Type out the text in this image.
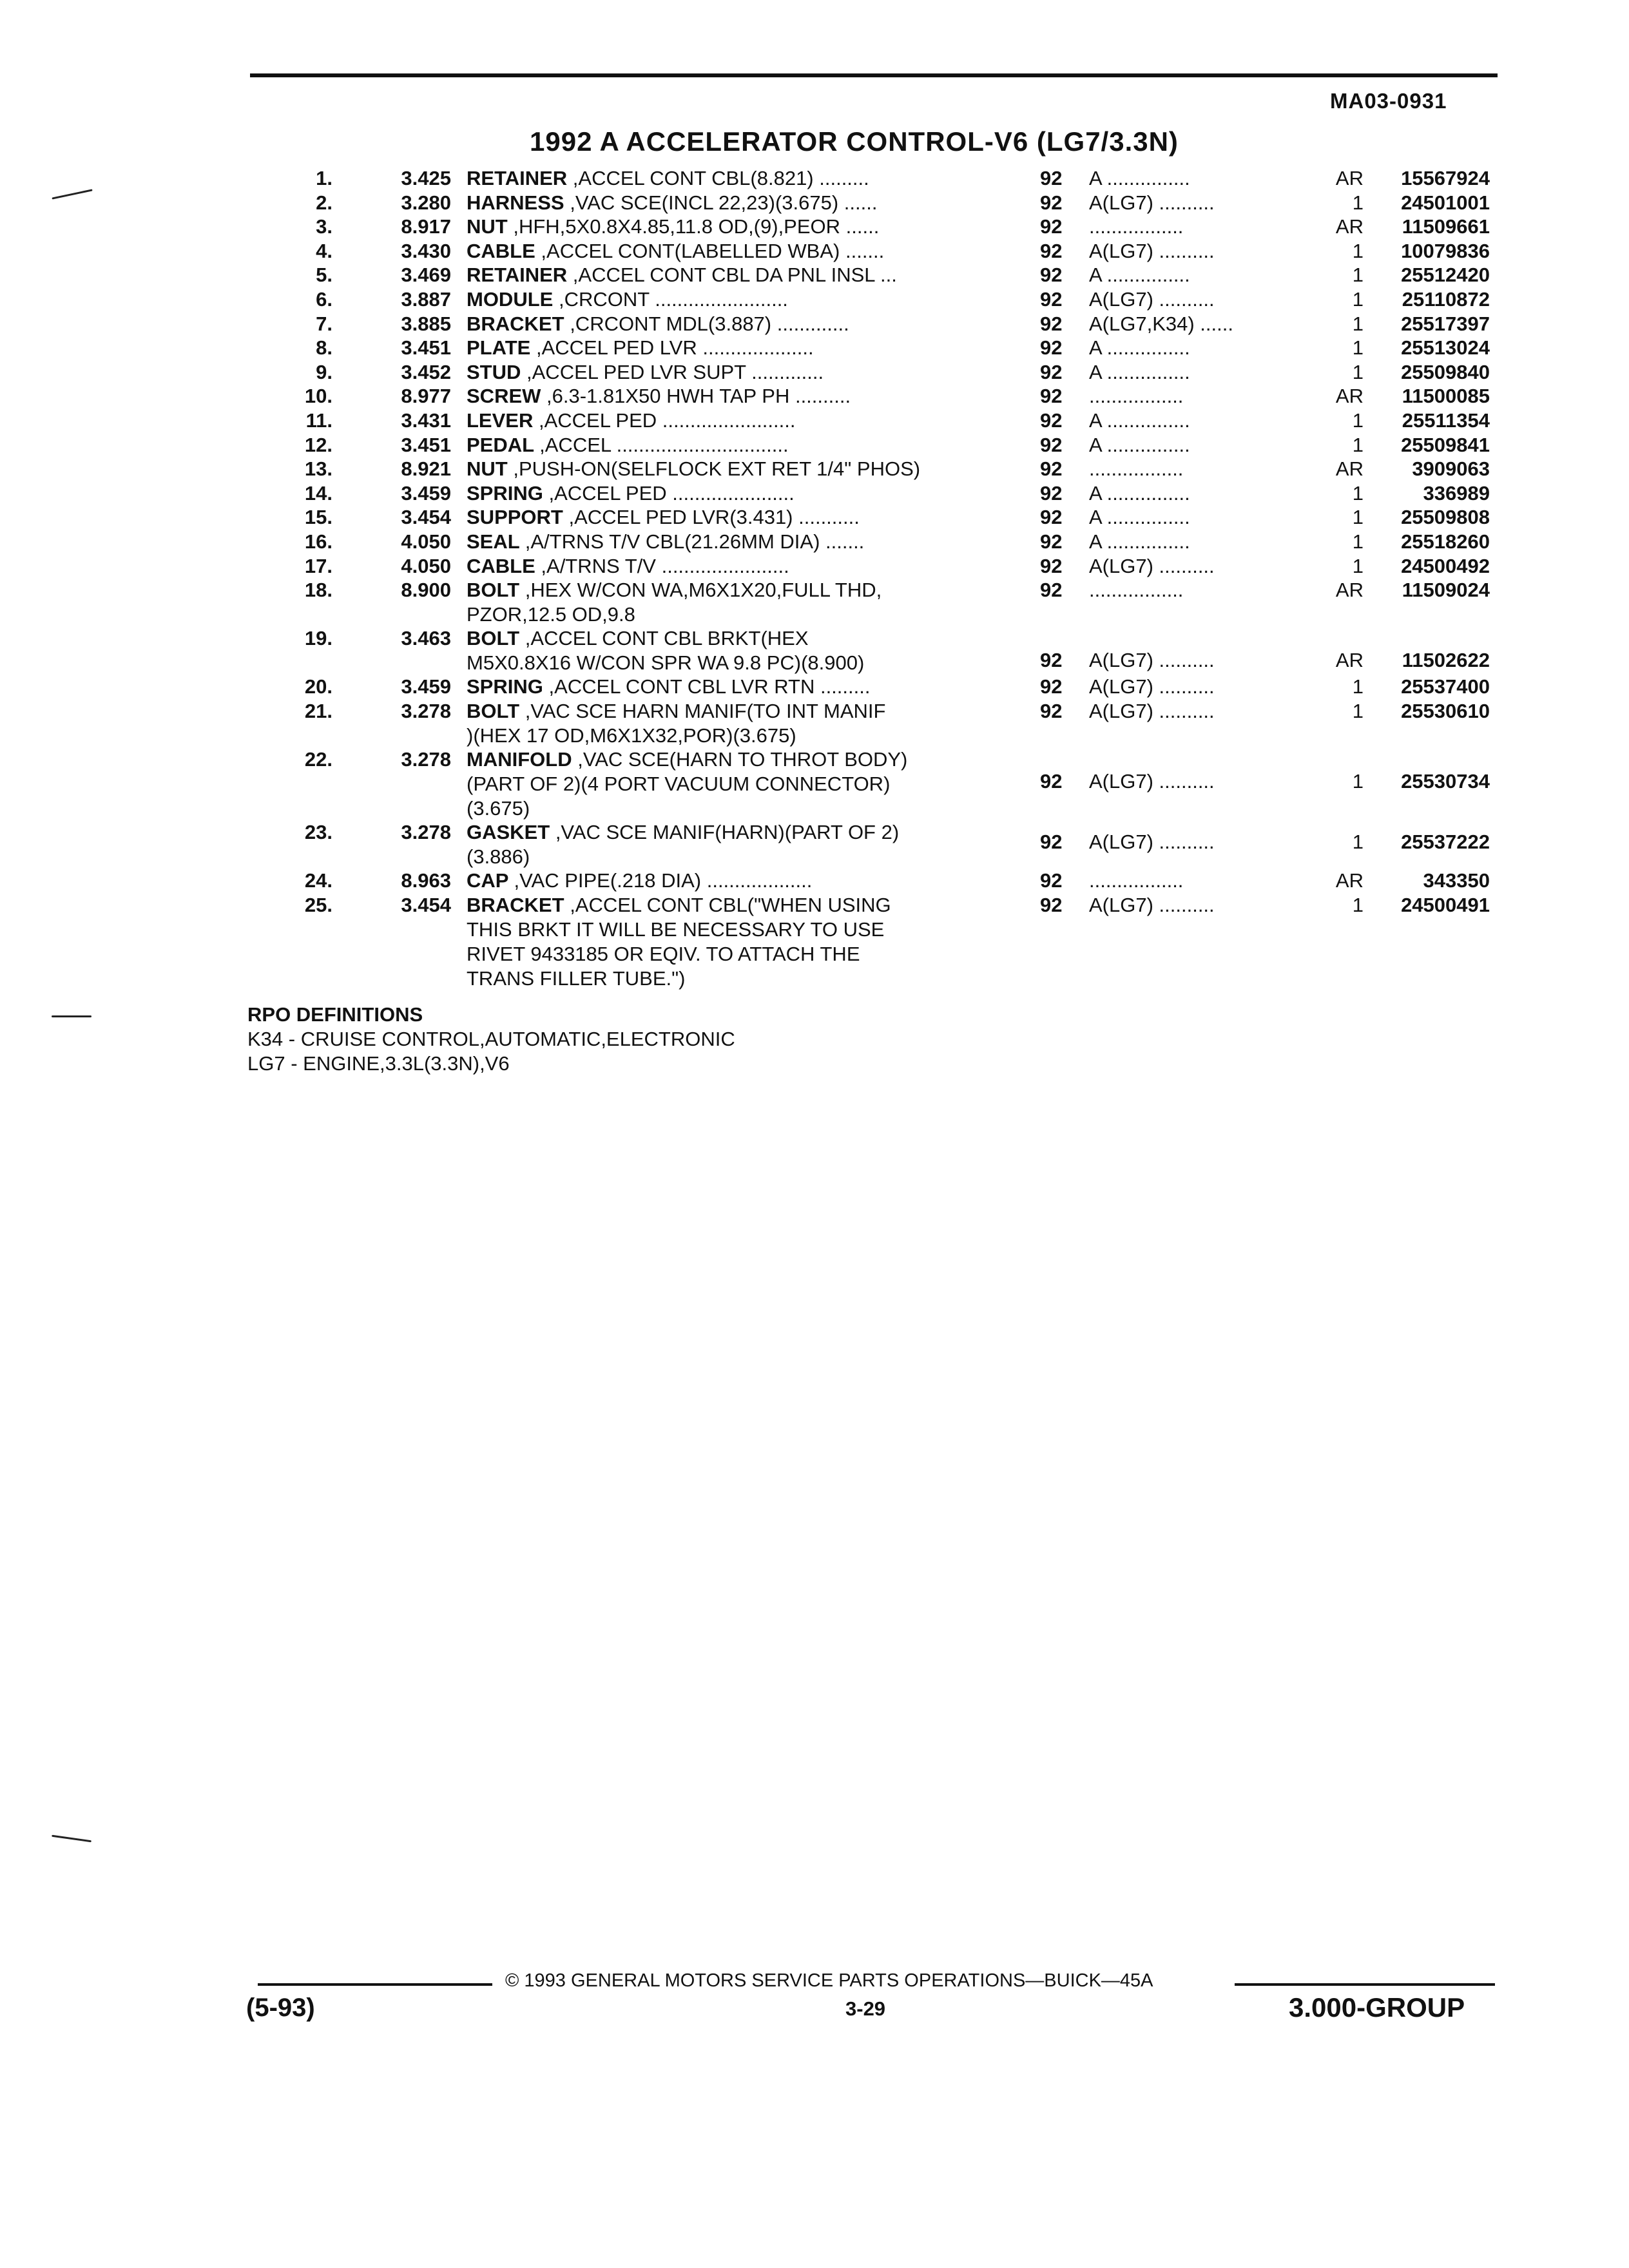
MA03-0931
1992 A ACCELERATOR CONTROL-V6 (LG7/3.3N)
1.	3.425 RETAINER ,ACCEL CONT CBL(8.821) .........	92	A ...............	AR	15567924
2.	3.280 HARNESS ,VAC SCE(INCL 22,23)(3.675) ......	92	A(LG7) ..........	1	24501001
3.	8.917 NUT ,HFH,5X0.8X4.85,11.8 OD,(9),PEOR ......	92	.................	AR	11509661
4.	3.430 CABLE ,ACCEL CONT(LABELLED WBA) .......	92	A(LG7) ..........	1	10079836
5.	3.469 RETAINER ,ACCEL CONT CBL DA PNL INSL ...	92	A ...............	1	25512420
6.	3.887 MODULE ,CRCONT ........................	92	A(LG7) ..........	1	25110872
7.	3.885 BRACKET ,CRCONT MDL(3.887) .............	92	A(LG7,K34) ......	1	25517397
8.	3.451 PLATE ,ACCEL PED LVR ....................	92	A ...............	1	25513024
9.	3.452 STUD ,ACCEL PED LVR SUPT .............	92	A ...............	1	25509840
10.	8.977 SCREW ,6.3-1.81X50 HWH TAP PH ..........	92	.................	AR	11500085
11.	3.431 LEVER ,ACCEL PED ........................	92	A ...............	1	25511354
12.	3.451 PEDAL ,ACCEL ...............................	92	A ...............	1	25509841
13.	8.921 NUT ,PUSH-ON(SELFLOCK EXT RET 1/4" PHOS)	92	.................	AR	3909063
14.	3.459 SPRING ,ACCEL PED ......................	92	A ...............	1	336989
15.	3.454 SUPPORT ,ACCEL PED LVR(3.431) ...........	92	A ...............	1	25509808
16.	4.050 SEAL ,A/TRNS T/V CBL(21.26MM DIA) .......	92	A ...............	1	25518260
17.	4.050 CABLE ,A/TRNS T/V .......................	92	A(LG7) ..........	1	24500492
18.	8.900 BOLT ,HEX W/CON WA,M6X1X20,FULL THD,
PZOR,12.5 OD,9.8
92	.................	AR	11509024
19.	3.463 BOLT ,ACCEL CONT CBL BRKT(HEX
M5X0.8X16 W/CON SPR WA 9.8 PC)(8.900)	92	A(LG7) ..........	AR	11502622
20.	3.459 SPRING ,ACCEL CONT CBL LVR RTN .........	92	A(LG7) ..........	1	25537400
21.	3.278 BOLT ,VAC SCE HARN MANIF(TO INT MANIF
)(HEX 17 OD,M6X1X32,POR)(3.675)
92	A(LG7) ..........	1	25530610
22.	3.278 MANIFOLD ,VAC SCE(HARN TO THROT BODY)
(PART OF 2)(4 PORT VACUUM CONNECTOR)
(3.675)
92	A(LG7) ..........	1	25530734
23.	3.278 GASKET ,VAC SCE MANIF(HARN)(PART OF 2)
(3.886)
92	A(LG7) ..........	1	25537222
24.	8.963 CAP ,VAC PIPE(.218 DIA) ...................	92	.................	AR	343350
25.	3.454 BRACKET ,ACCEL CONT CBL("WHEN USING
THIS BRKT IT WILL BE NECESSARY TO USE
RIVET 9433185 OR EQIV. TO ATTACH THE
TRANS FILLER TUBE.")
92	A(LG7) ..........	1	24500491
RPO DEFINITIONS
K34 - CRUISE CONTROL,AUTOMATIC,ELECTRONIC
LG7 - ENGINE,3.3L(3.3N),V6
© 1993 GENERAL MOTORS SERVICE PARTS OPERATIONS—BUICK—45A
(5-93)	3-29	3.000-GROUP
